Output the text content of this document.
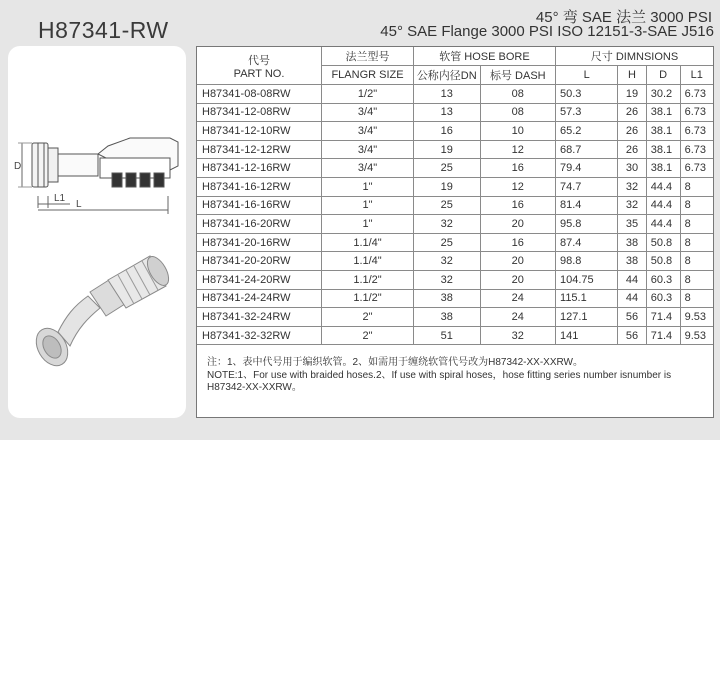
H87341-RW	45° 弯 SAE 法兰 3000 PSI
45° SAE Flange 3000 PSI ISO 12151-3-SAE J516
D
L1
L
代号
PART NO.	法兰型号	软管 HOSE BORE		尺寸 DIMNSIONS			
	FLANGR SIZE	公称内径DN	标号 DASH	L	H	D	L1
H87341-08-08RW	1/2"	13	08	50.3	19	30.2	6.73
H87341-12-08RW	3/4"	13	08	57.3	26	38.1	6.73
H87341-12-10RW	3/4"	16	10	65.2	26	38.1	6.73
H87341-12-12RW	3/4"	19	12	68.7	26	38.1	6.73
H87341-12-16RW	3/4"	25	16	79.4	30	38.1	6.73
H87341-16-12RW	1"	19	12	74.7	32	44.4	8
H87341-16-16RW	1"	25	16	81.4	32	44.4	8
H87341-16-20RW	1"	32	20	95.8	35	44.4	8
H87341-20-16RW	1.1/4"	25	16	87.4	38	50.8	8
H87341-20-20RW	1.1/4"	32	20	98.8	38	50.8	8
H87341-24-20RW	1.1/2"	32	20	104.75	44	60.3	8
H87341-24-24RW	1.1/2"	38	24	115.1	44	60.3	8
H87341-32-24RW	2"	38	24	127.1	56	71.4	9.53
H87341-32-32RW	2"	51	32	141	56	71.4	9.53
注：1、表中代号用于编织软管。2、如需用于缠绕软管代号改为H87342-XX-XXRW。
NOTE:1、For use with braided hoses.2、If use with spiral hoses，hose fitting series number isnumber is
H87342-XX-XXRW。
